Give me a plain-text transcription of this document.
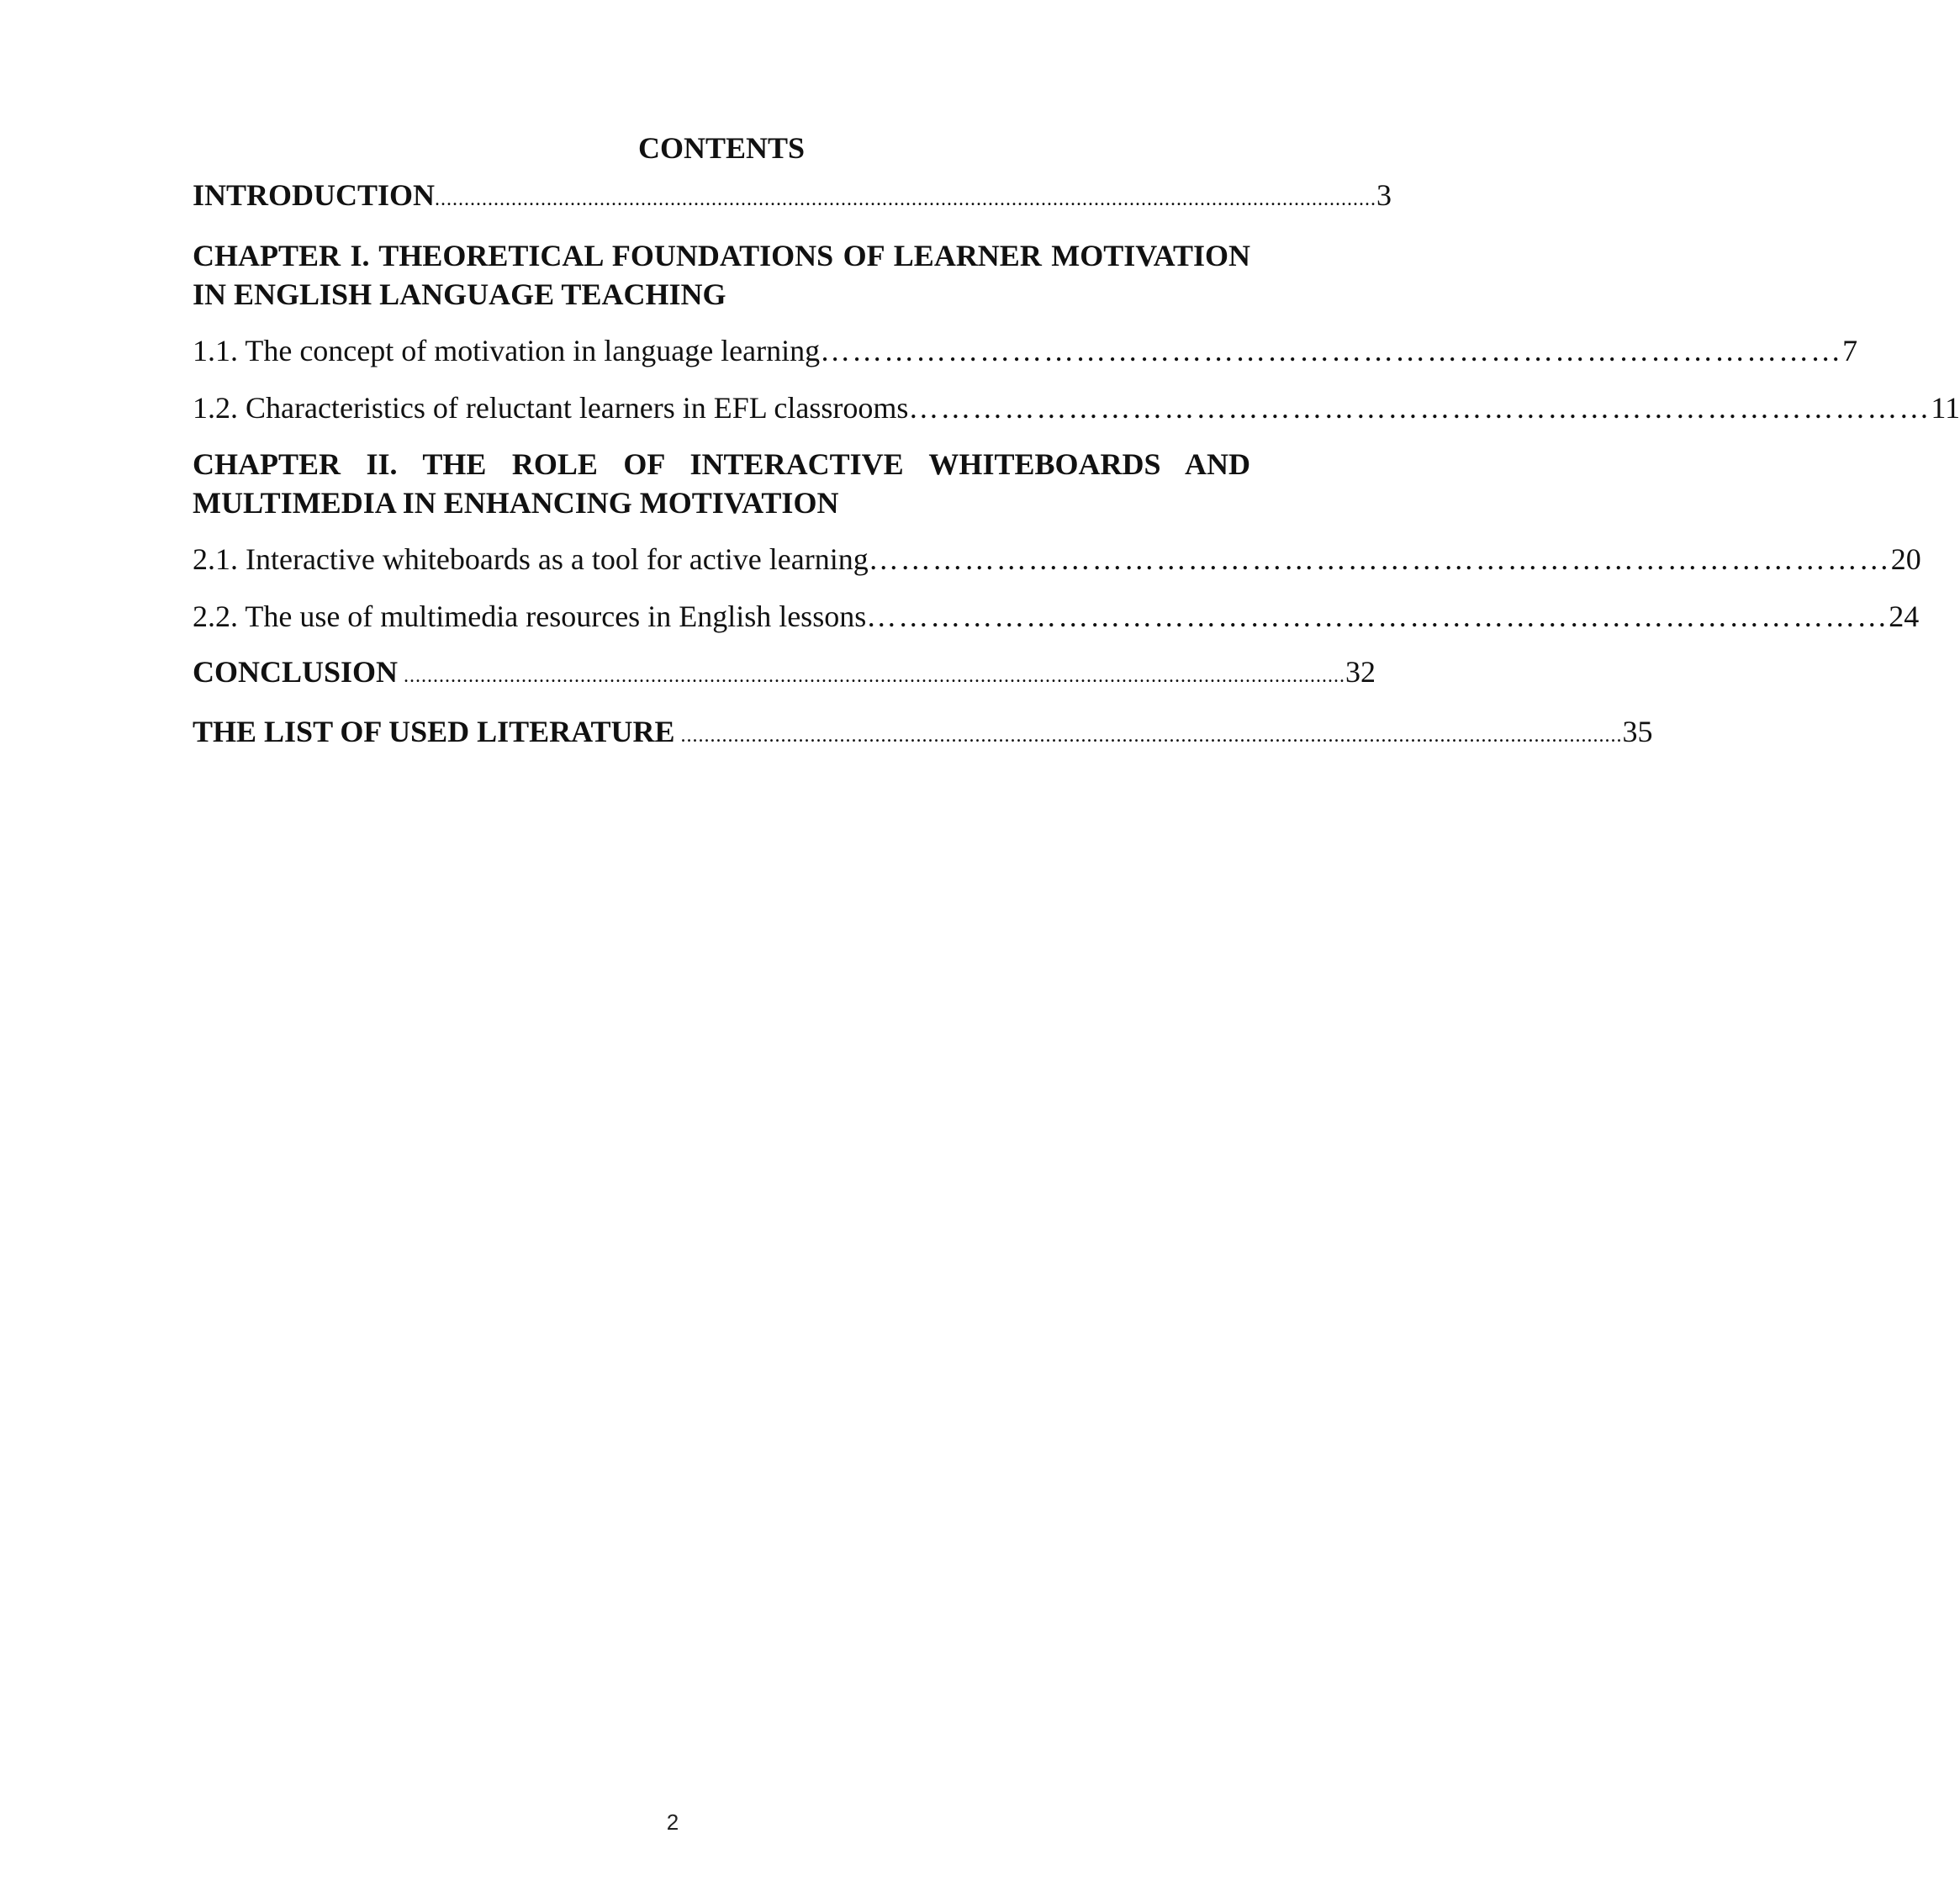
CONTENTS
INTRODUCTION ................................................................................................................................................................ 3
CHAPTER I. THEORETICAL FOUNDATIONS OF LEARNER MOTIVATION IN ENGLISH LANGUAGE TEACHING
1.1. The concept of motivation in language learning …………………………………………………………………………………… 7
1.2. Characteristics of reluctant learners in EFL classrooms …………………………………………………………………………………… 11
CHAPTER II. THE ROLE OF INTERACTIVE WHITEBOARDS AND MULTIMEDIA IN ENHANCING MOTIVATION
2.1. Interactive whiteboards as a tool for active learning …………………………………………………………………………………… 20
2.2. The use of multimedia resources in English lessons …………………………………………………………………………………… 24
CONCLUSION ................................................................................................................................................................ 32
THE LIST OF USED LITERATURE ................................................................................................................................................................ 35
2
